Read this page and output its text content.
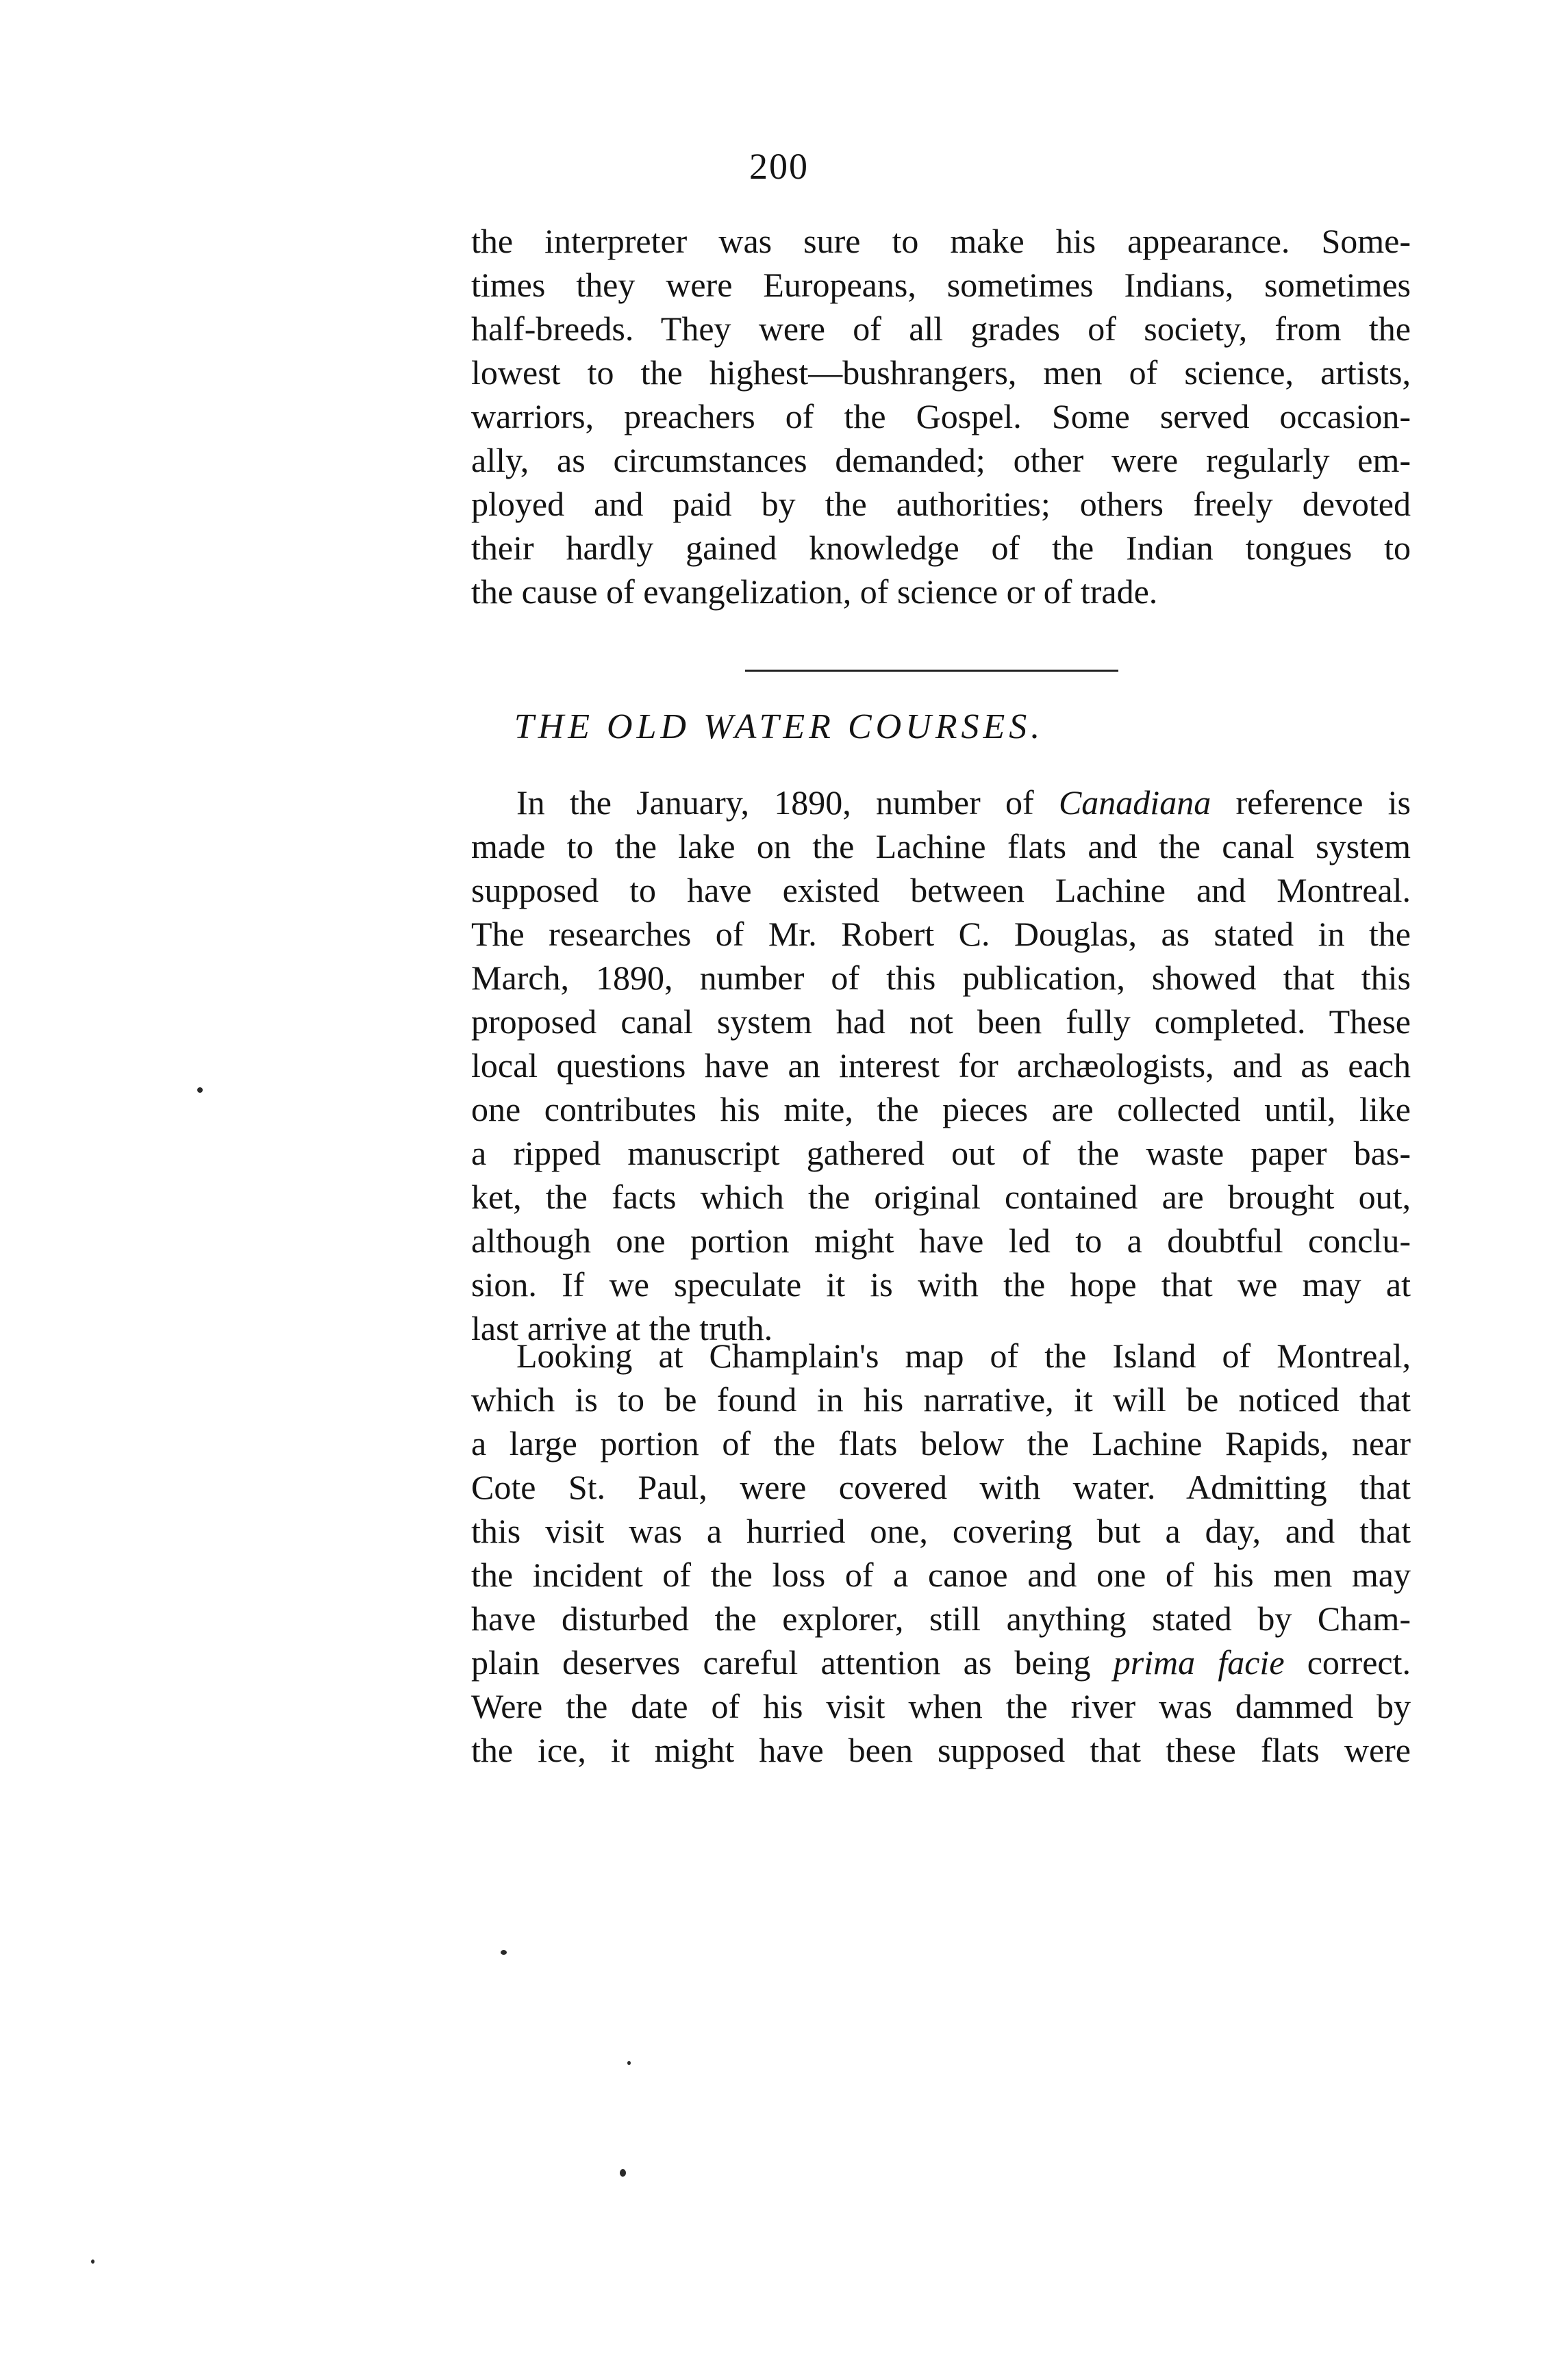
200
the interpreter was sure to make his appearance. Some-
times they were Europeans, sometimes Indians, sometimes
half-breeds. They were of all grades of society, from the
lowest to the highest—bushrangers, men of science, artists,
warriors, preachers of the Gospel. Some served occasion-
ally, as circumstances demanded; other were regularly em-
ployed and paid by the authorities; others freely devoted
their hardly gained knowledge of the Indian tongues to
the cause of evangelization, of science or of trade.
THE OLD WATER COURSES.
In the January, 1890, number of Canadiana reference is
made to the lake on the Lachine flats and the canal system
supposed to have existed between Lachine and Montreal.
The researches of Mr. Robert C. Douglas, as stated in the
March, 1890, number of this publication, showed that this
proposed canal system had not been fully completed. These
local questions have an interest for archæologists, and as each
one contributes his mite, the pieces are collected until, like
a ripped manuscript gathered out of the waste paper bas-
ket, the facts which the original contained are brought out,
although one portion might have led to a doubtful conclu-
sion. If we speculate it is with the hope that we may at
last arrive at the truth.
Looking at Champlain's map of the Island of Montreal,
which is to be found in his narrative, it will be noticed that
a large portion of the flats below the Lachine Rapids, near
Cote St. Paul, were covered with water. Admitting that
this visit was a hurried one, covering but a day, and that
the incident of the loss of a canoe and one of his men may
have disturbed the explorer, still anything stated by Cham-
plain deserves careful attention as being prima facie correct.
Were the date of his visit when the river was dammed by
the ice, it might have been supposed that these flats were
